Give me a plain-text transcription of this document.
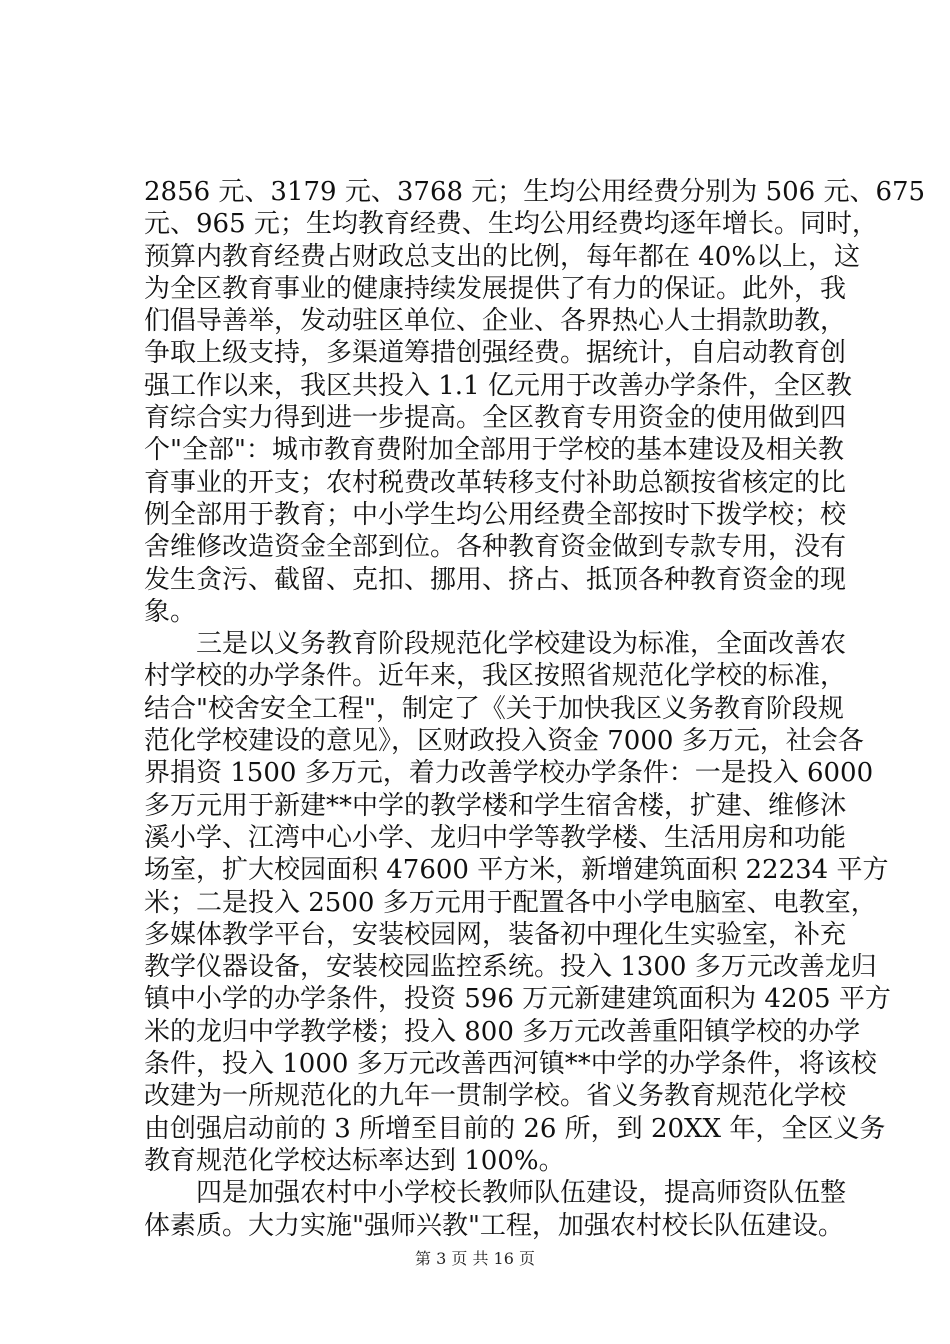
2856 元、3179 元、3768 元；生均公用经费分别为 506 元、675
元、965 元；生均教育经费、生均公用经费均逐年增长。同时，
预算内教育经费占财政总支出的比例，每年都在 40%以上，这
为全区教育事业的健康持续发展提供了有力的保证。此外，我
们倡导善举，发动驻区单位、企业、各界热心人士捐款助教，
争取上级支持，多渠道筹措创强经费。据统计，自启动教育创
强工作以来，我区共投入 1.1 亿元用于改善办学条件，全区教
育综合实力得到进一步提高。全区教育专用资金的使用做到四
个"全部"：城市教育费附加全部用于学校的基本建设及相关教
育事业的开支；农村税费改革转移支付补助总额按省核定的比
例全部用于教育；中小学生均公用经费全部按时下拨学校；校
舍维修改造资金全部到位。各种教育资金做到专款专用，没有
发生贪污、截留、克扣、挪用、挤占、抵顶各种教育资金的现
象。
　　三是以义务教育阶段规范化学校建设为标准，全面改善农
村学校的办学条件。近年来，我区按照省规范化学校的标准，
结合"校舍安全工程"，制定了《关于加快我区义务教育阶段规
范化学校建设的意见》，区财政投入资金 7000 多万元，社会各
界捐资 1500 多万元，着力改善学校办学条件：一是投入 6000
多万元用于新建**中学的教学楼和学生宿舍楼，扩建、维修沐
溪小学、江湾中心小学、龙归中学等教学楼、生活用房和功能
场室，扩大校园面积 47600 平方米，新增建筑面积 22234 平方
米；二是投入 2500 多万元用于配置各中小学电脑室、电教室，
多媒体教学平台，安装校园网，装备初中理化生实验室，补充
教学仪器设备，安装校园监控系统。投入 1300 多万元改善龙归
镇中小学的办学条件，投资 596 万元新建建筑面积为 4205 平方
米的龙归中学教学楼；投入 800 多万元改善重阳镇学校的办学
条件，投入 1000 多万元改善西河镇**中学的办学条件，将该校
改建为一所规范化的九年一贯制学校。省义务教育规范化学校
由创强启动前的 3 所增至目前的 26 所，到 20XX 年，全区义务
教育规范化学校达标率达到 100%。
　　四是加强农村中小学校长教师队伍建设，提高师资队伍整
体素质。大力实施"强师兴教"工程，加强农村校长队伍建设。
第 3 页 共 16 页
